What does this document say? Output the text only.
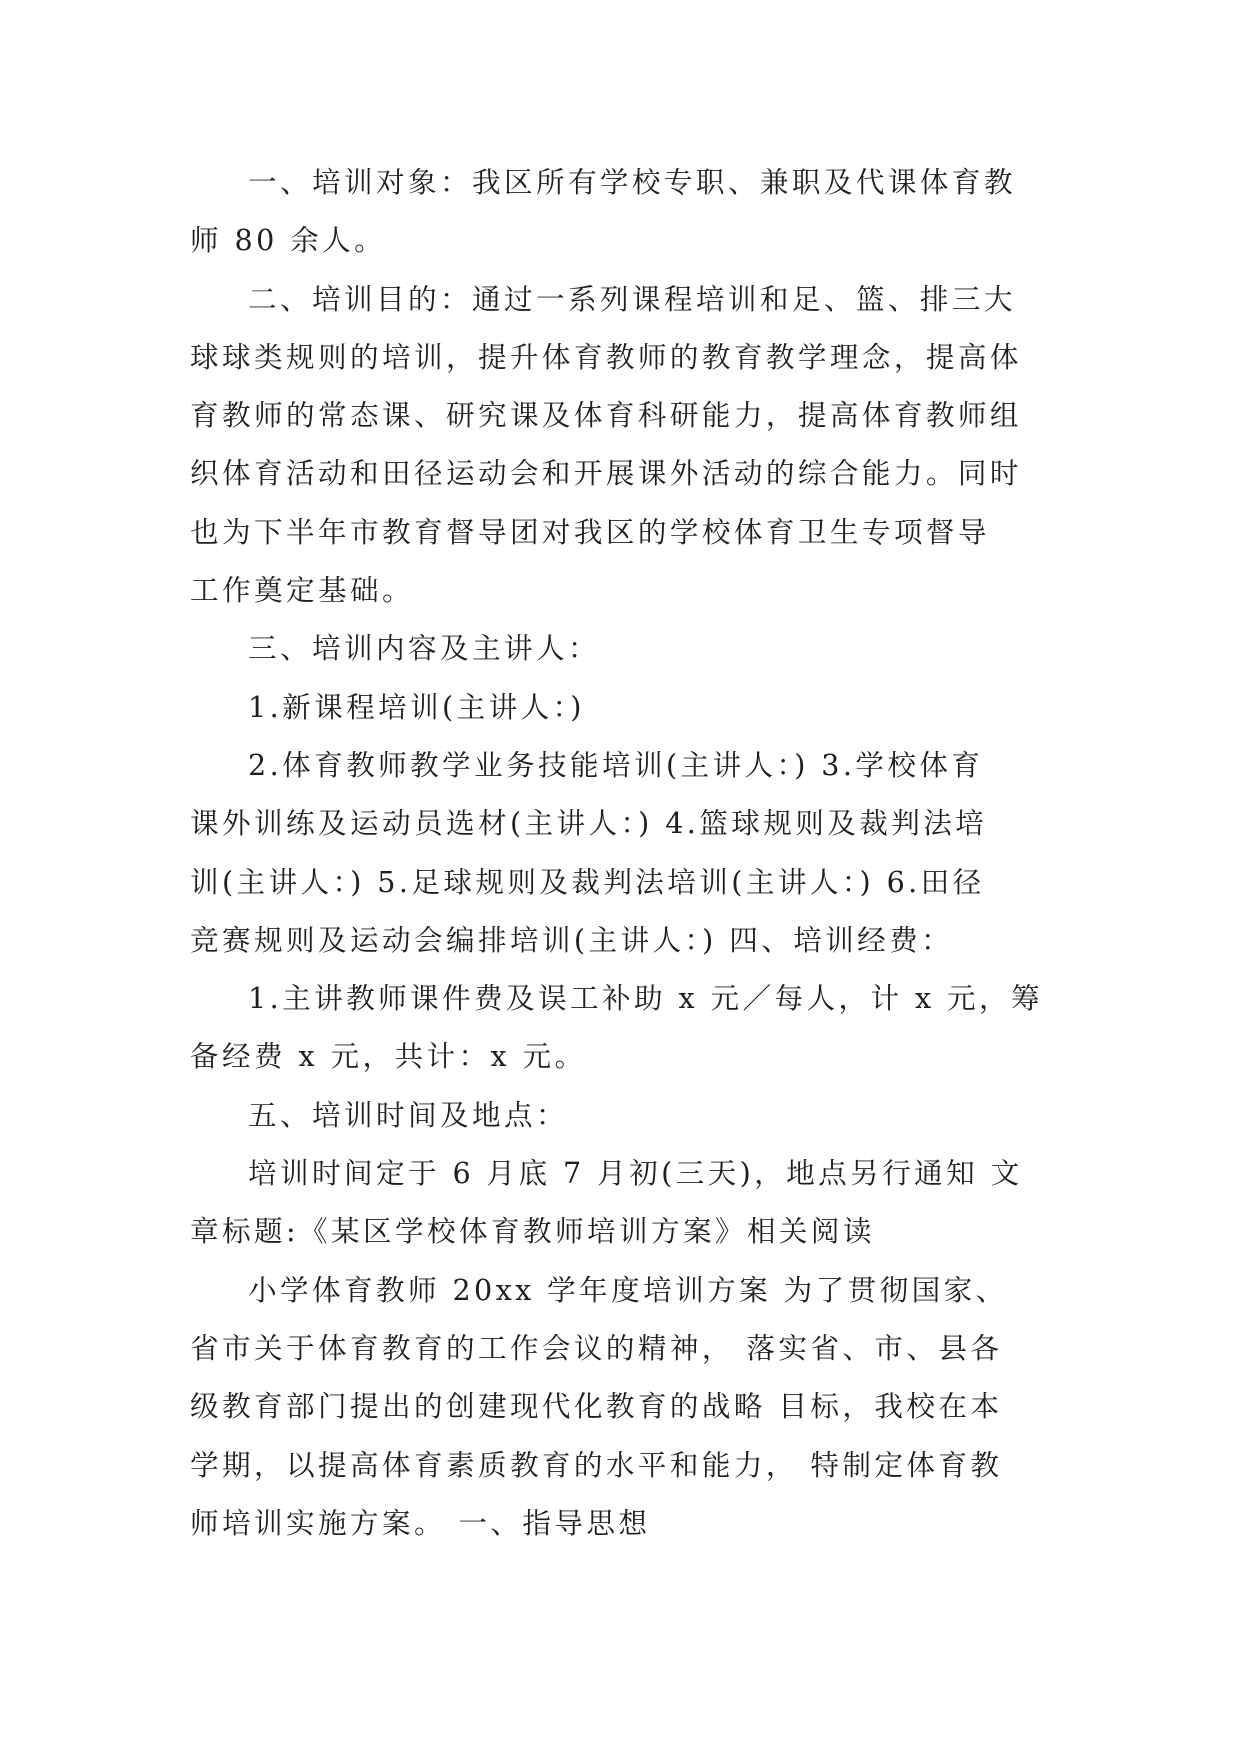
一、培训对象：我区所有学校专职、兼职及代课体育教
师 80 余人。
二、培训目的：通过一系列课程培训和足、篮、排三大
球球类规则的培训，提升体育教师的教育教学理念，提高体
育教师的常态课、研究课及体育科研能力，提高体育教师组
织体育活动和田径运动会和开展课外活动的综合能力。同时
也为下半年市教育督导团对我区的学校体育卫生专项督导
工作奠定基础。
三、培训内容及主讲人：
1.新课程培训(主讲人：)
2.体育教师教学业务技能培训(主讲人：) 3.学校体育
课外训练及运动员选材(主讲人：) 4.篮球规则及裁判法培
训(主讲人：) 5.足球规则及裁判法培训(主讲人：) 6.田径
竞赛规则及运动会编排培训(主讲人：) 四、培训经费：
1.主讲教师课件费及误工补助 x 元／每人，计 x 元，筹
备经费 x 元，共计：x 元。
五、培训时间及地点：
培训时间定于 6 月底 7 月初(三天)，地点另行通知 文
章标题:《某区学校体育教师培训方案》相关阅读
小学体育教师 20xx 学年度培训方案 为了贯彻国家、
省市关于体育教育的工作会议的精神， 落实省、市、县各
级教育部门提出的创建现代化教育的战略 目标，我校在本
学期，以提高体育素质教育的水平和能力， 特制定体育教
师培训实施方案。 一、指导思想
